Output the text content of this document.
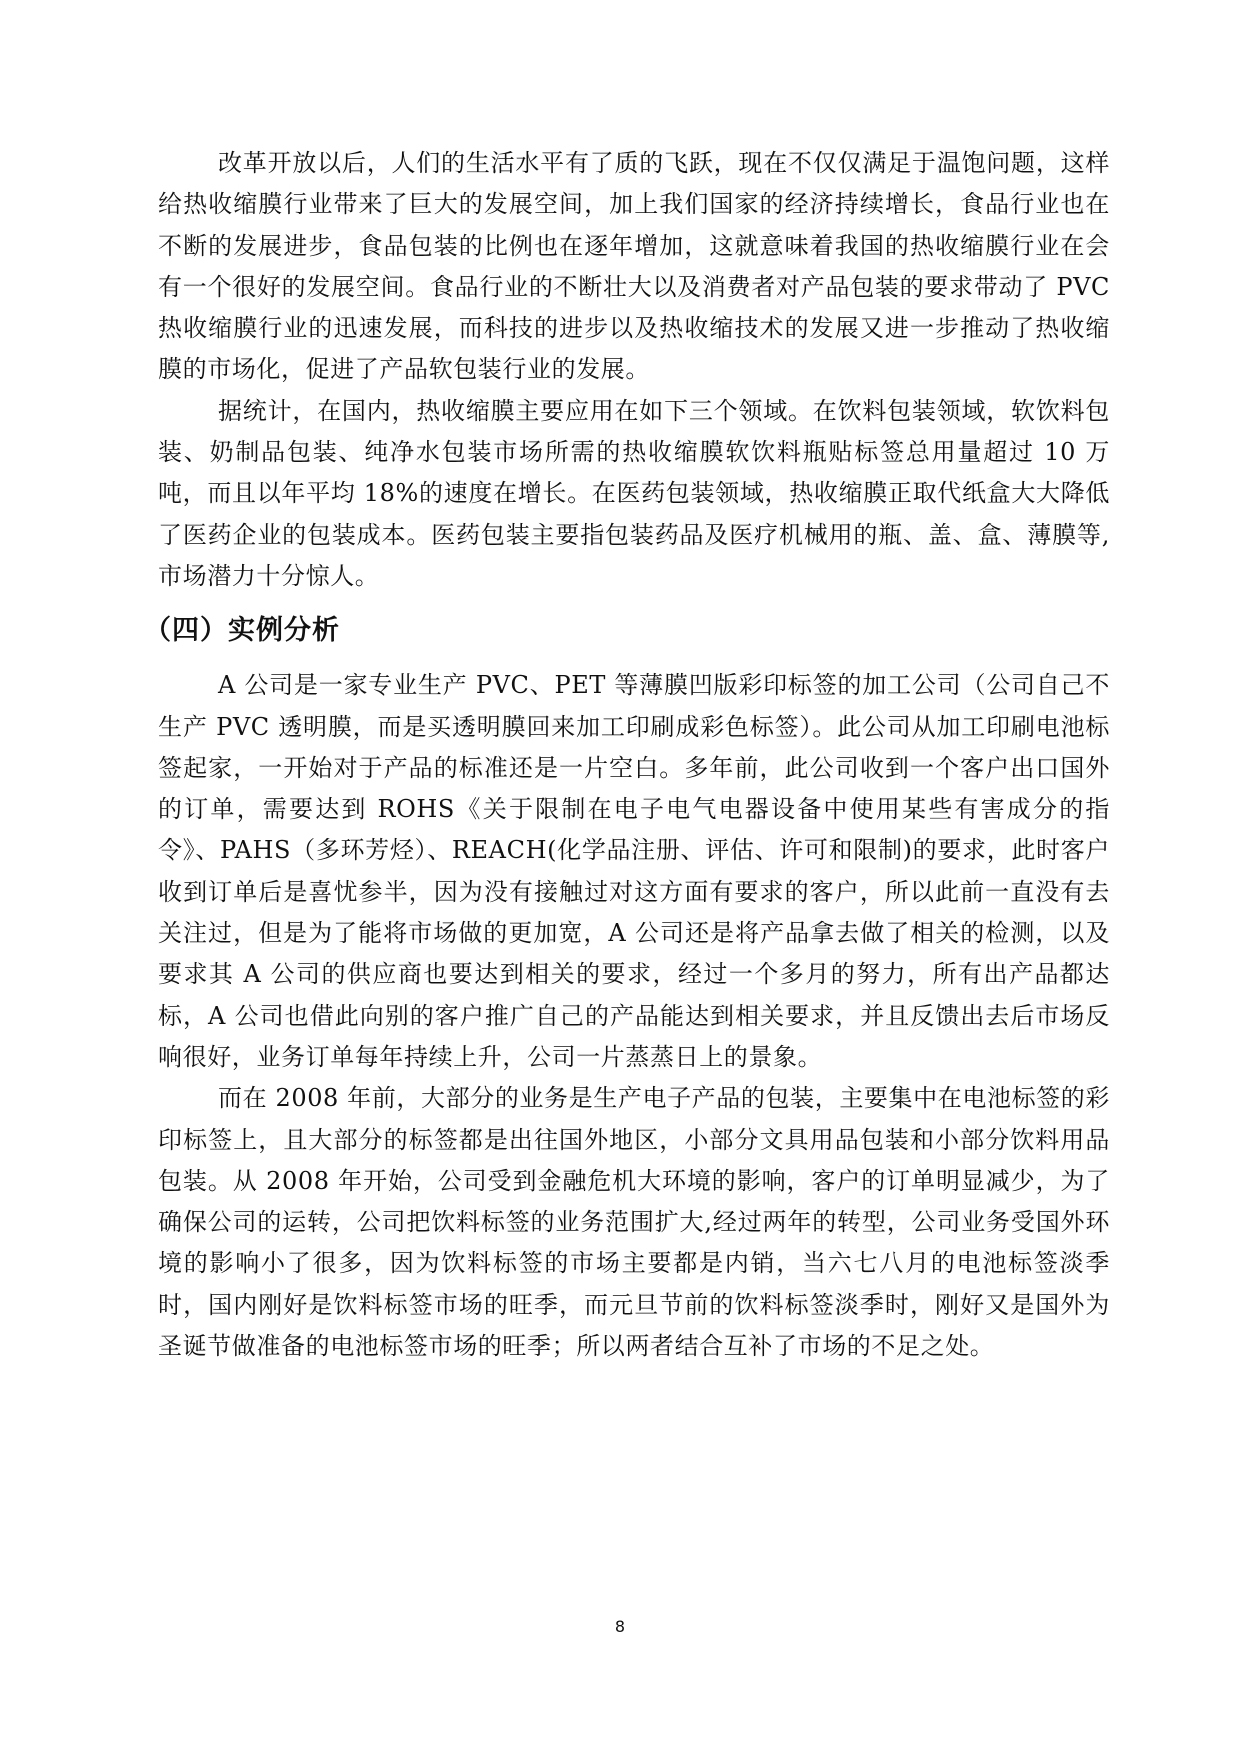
改革开放以后，人们的生活水平有了质的飞跃，现在不仅仅满足于温饱问题，这样给热收缩膜行业带来了巨大的发展空间，加上我们国家的经济持续增长，食品行业也在不断的发展进步，食品包装的比例也在逐年增加，这就意味着我国的热收缩膜行业在会有一个很好的发展空间。食品行业的不断壮大以及消费者对产品包装的要求带动了 PVC 热收缩膜行业的迅速发展，而科技的进步以及热收缩技术的发展又进一步推动了热收缩膜的市场化，促进了产品软包装行业的发展。

据统计，在国内，热收缩膜主要应用在如下三个领域。在饮料包装领域，软饮料包装、奶制品包装、纯净水包装市场所需的热收缩膜软饮料瓶贴标签总用量超过 10 万吨，而且以年平均 18%的速度在增长。在医药包装领域，热收缩膜正取代纸盒大大降低了医药企业的包装成本。医药包装主要指包装药品及医疗机械用的瓶、盖、盒、薄膜等,市场潜力十分惊人。

（四）实例分析

A 公司是一家专业生产 PVC、PET 等薄膜凹版彩印标签的加工公司（公司自己不生产 PVC 透明膜，而是买透明膜回来加工印刷成彩色标签）。此公司从加工印刷电池标签起家，一开始对于产品的标准还是一片空白。多年前，此公司收到一个客户出口国外的订单，需要达到 ROHS《关于限制在电子电气电器设备中使用某些有害成分的指令》、PAHS（多环芳烃）、REACH(化学品注册、评估、许可和限制)的要求，此时客户收到订单后是喜忧参半，因为没有接触过对这方面有要求的客户，所以此前一直没有去关注过，但是为了能将市场做的更加宽，A 公司还是将产品拿去做了相关的检测，以及要求其 A 公司的供应商也要达到相关的要求，经过一个多月的努力，所有出产品都达标，A 公司也借此向别的客户推广自己的产品能达到相关要求，并且反馈出去后市场反响很好，业务订单每年持续上升，公司一片蒸蒸日上的景象。

而在 2008 年前，大部分的业务是生产电子产品的包装，主要集中在电池标签的彩印标签上，且大部分的标签都是出往国外地区，小部分文具用品包装和小部分饮料用品包装。从 2008 年开始，公司受到金融危机大环境的影响，客户的订单明显减少，为了确保公司的运转，公司把饮料标签的业务范围扩大,经过两年的转型，公司业务受国外环境的影响小了很多，因为饮料标签的市场主要都是内销，当六七八月的电池标签淡季时，国内刚好是饮料标签市场的旺季，而元旦节前的饮料标签淡季时，刚好又是国外为圣诞节做准备的电池标签市场的旺季；所以两者结合互补了市场的不足之处。

8
